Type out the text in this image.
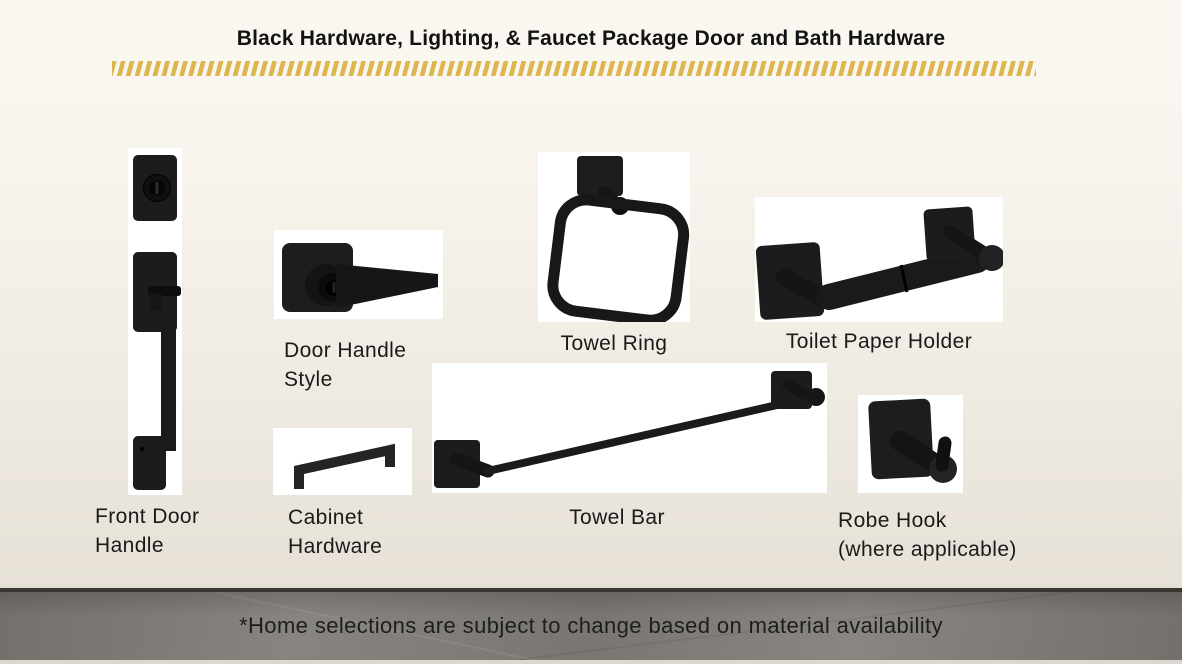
Black Hardware, Lighting, & Faucet Package Door and Bath Hardware
Front Door
Handle
Door Handle
Style
Cabinet
Hardware
Towel Ring	Toilet Paper Holder
Towel Bar	Robe Hook
(where applicable)
*Home selections are subject to change based on material availability
